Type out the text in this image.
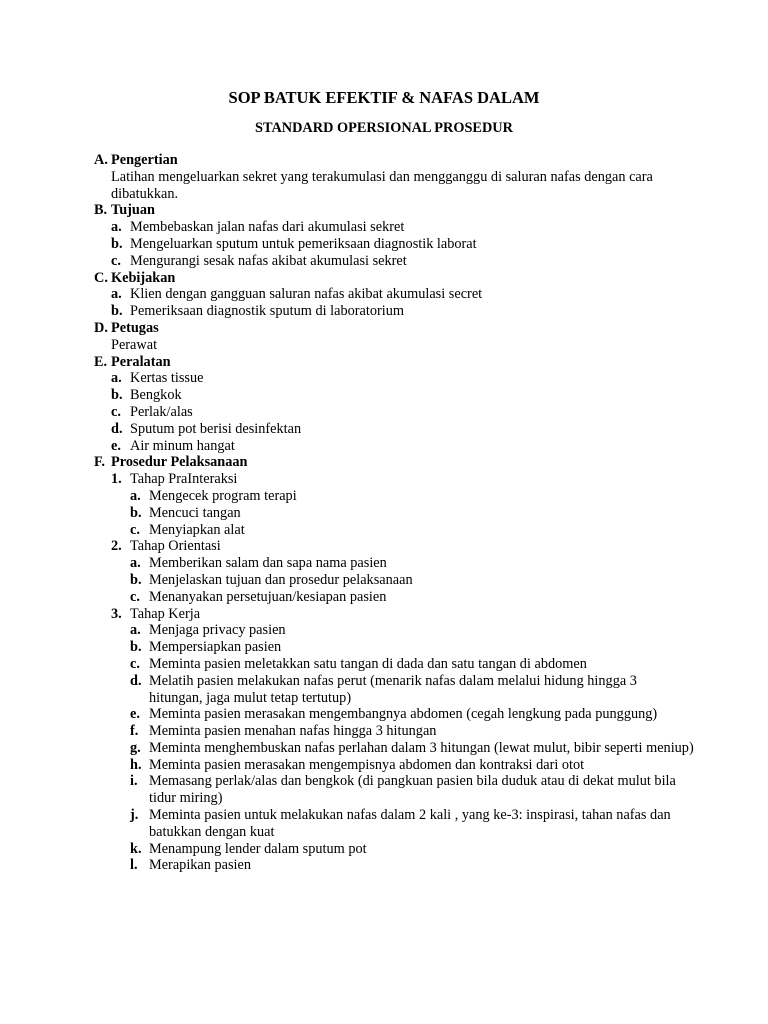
SOP BATUK EFEKTIF & NAFAS DALAM
STANDARD OPERSIONAL PROSEDUR
A. Pengertian
Latihan mengeluarkan sekret yang terakumulasi dan mengganggu di saluran nafas dengan cara dibatukkan.
B. Tujuan
a. Membebaskan jalan nafas dari akumulasi sekret
b. Mengeluarkan sputum untuk pemeriksaan diagnostik laborat
c. Mengurangi sesak nafas akibat akumulasi sekret
C. Kebijakan
a. Klien dengan gangguan saluran nafas akibat akumulasi secret
b. Pemeriksaan diagnostik sputum di laboratorium
D. Petugas
Perawat
E. Peralatan
a. Kertas tissue
b. Bengkok
c. Perlak/alas
d. Sputum pot berisi desinfektan
e. Air minum hangat
F. Prosedur Pelaksanaan
1. Tahap PraInteraksi
a. Mengecek program terapi
b. Mencuci tangan
c. Menyiapkan alat
2. Tahap Orientasi
a. Memberikan salam dan sapa nama pasien
b. Menjelaskan tujuan dan prosedur pelaksanaan
c. Menanyakan persetujuan/kesiapan pasien
3. Tahap Kerja
a. Menjaga privacy pasien
b. Mempersiapkan pasien
c. Meminta pasien meletakkan satu tangan di dada dan satu tangan di abdomen
d. Melatih pasien melakukan nafas perut (menarik nafas dalam melalui hidung hingga 3 hitungan, jaga mulut tetap tertutup)
e. Meminta pasien merasakan mengembangnya abdomen (cegah lengkung pada punggung)
f. Meminta pasien menahan nafas hingga 3 hitungan
g. Meminta menghembuskan nafas perlahan dalam 3 hitungan (lewat mulut, bibir seperti meniup)
h. Meminta pasien merasakan mengempisnya abdomen dan kontraksi dari otot
i. Memasang perlak/alas dan bengkok (di pangkuan pasien bila duduk atau di dekat mulut bila tidur miring)
j. Meminta pasien untuk melakukan nafas dalam 2 kali , yang ke-3: inspirasi, tahan nafas dan batukkan dengan kuat
k. Menampung lender dalam sputum pot
l. Merapikan pasien
